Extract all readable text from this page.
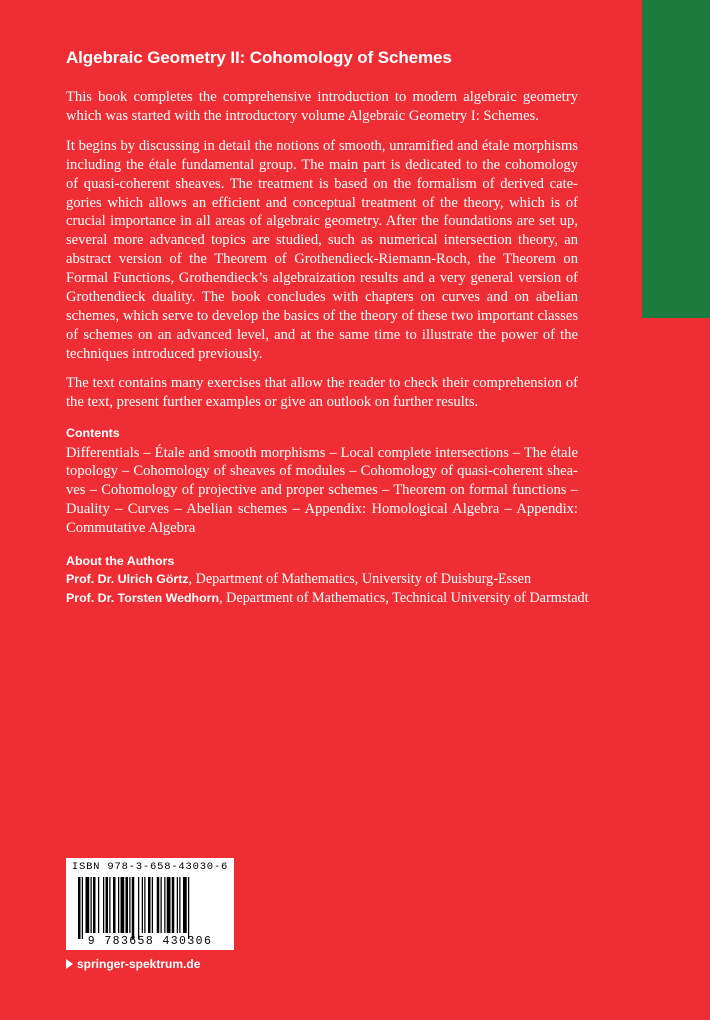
Algebraic Geometry II: Cohomology of Schemes

This book completes the comprehensive introduction to modern algebraic geometry which was started with the introductory volume Algebraic Geometry I: Schemes.

It begins by discussing in detail the notions of smooth, unramified and étale morphisms including the étale fundamental group. The main part is dedicated to the cohomology of quasi-coherent sheaves. The treatment is based on the formalism of derived categories which allows an efficient and conceptual treatment of the theory, which is of crucial importance in all areas of algebraic geometry. After the foundations are set up, several more advanced topics are studied, such as numerical intersection theory, an abstract version of the Theorem of Grothendieck-Riemann-Roch, the Theorem on Formal Functions, Grothendieck’s algebraization results and a very general version of Grothendieck duality. The book concludes with chapters on curves and on abelian schemes, which serve to develop the basics of the theory of these two important classes of schemes on an advanced level, and at the same time to illustrate the power of the techniques introduced previously.

The text contains many exercises that allow the reader to check their comprehension of the text, present further examples or give an outlook on further results.

Contents

Differentials – Étale and smooth morphisms – Local complete intersections – The étale topology – Cohomology of sheaves of modules – Cohomology of quasi-coherent sheaves – Cohomology of projective and proper schemes – Theorem on formal functions – Duality – Curves – Abelian schemes – Appendix: Homological Algebra – Appendix: Commutative Algebra

About the Authors
Prof. Dr. Ulrich Görtz, Department of Mathematics, University of Duisburg-Essen
Prof. Dr. Torsten Wedhorn, Department of Mathematics, Technical University of Darmstadt
ISBN 978-3-658-43030-6
9 783658 430306
springer-spektrum.de
